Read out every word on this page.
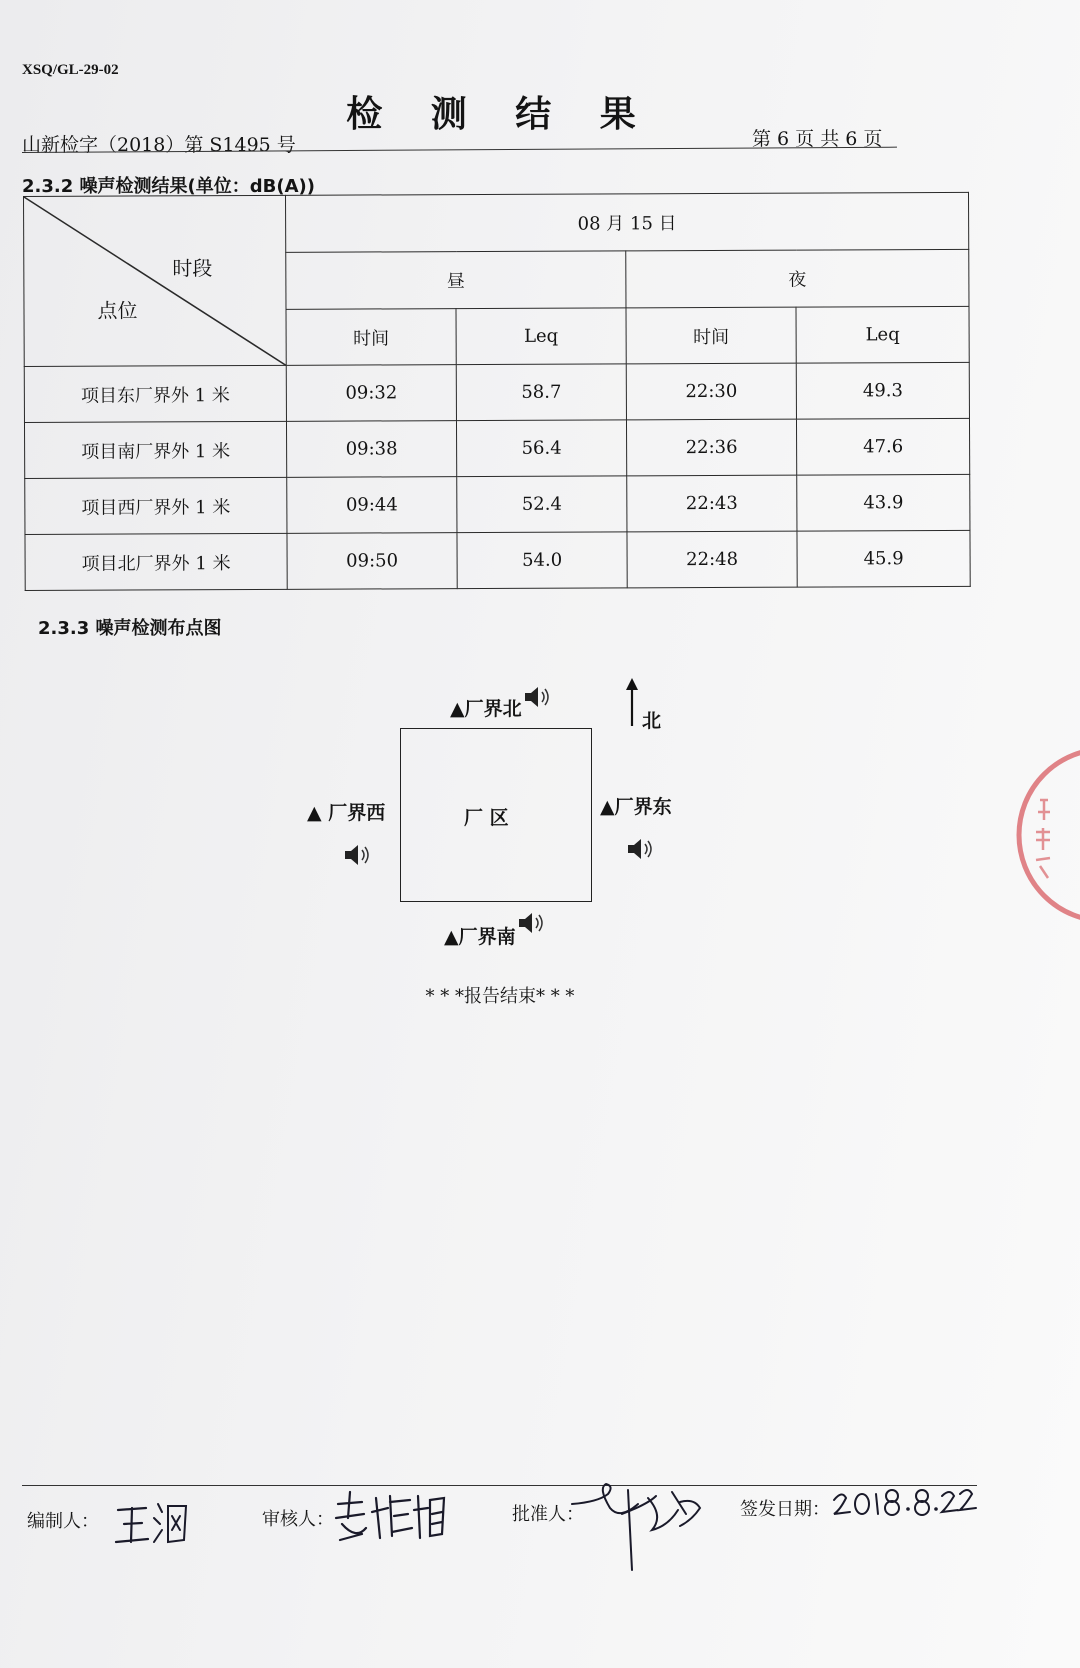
XSQ/GL-29-02
检 测 结 果
山新检字（2018）第 S1495 号	第 6 页 共 6 页
2.3.2 噪声检测结果(单位：dB(A))
时段
点位	08 月 15 日			
	昼		夜	
	时间	Leq	时间	Leq
项目东厂界外 1 米	09:32	58.7	22:30	49.3
项目南厂界外 1 米	09:38	56.4	22:36	47.6
项目西厂界外 1 米	09:44	52.4	22:43	43.9
项目北厂界外 1 米	09:50	54.0	22:48	45.9
2.3.3 噪声检测布点图
▲厂界北
北
▲ 厂界西	厂 区	▲厂界东
▲厂界南
* * *报告结束* * *
编制人：	审核人：	批准人：	签发日期：
